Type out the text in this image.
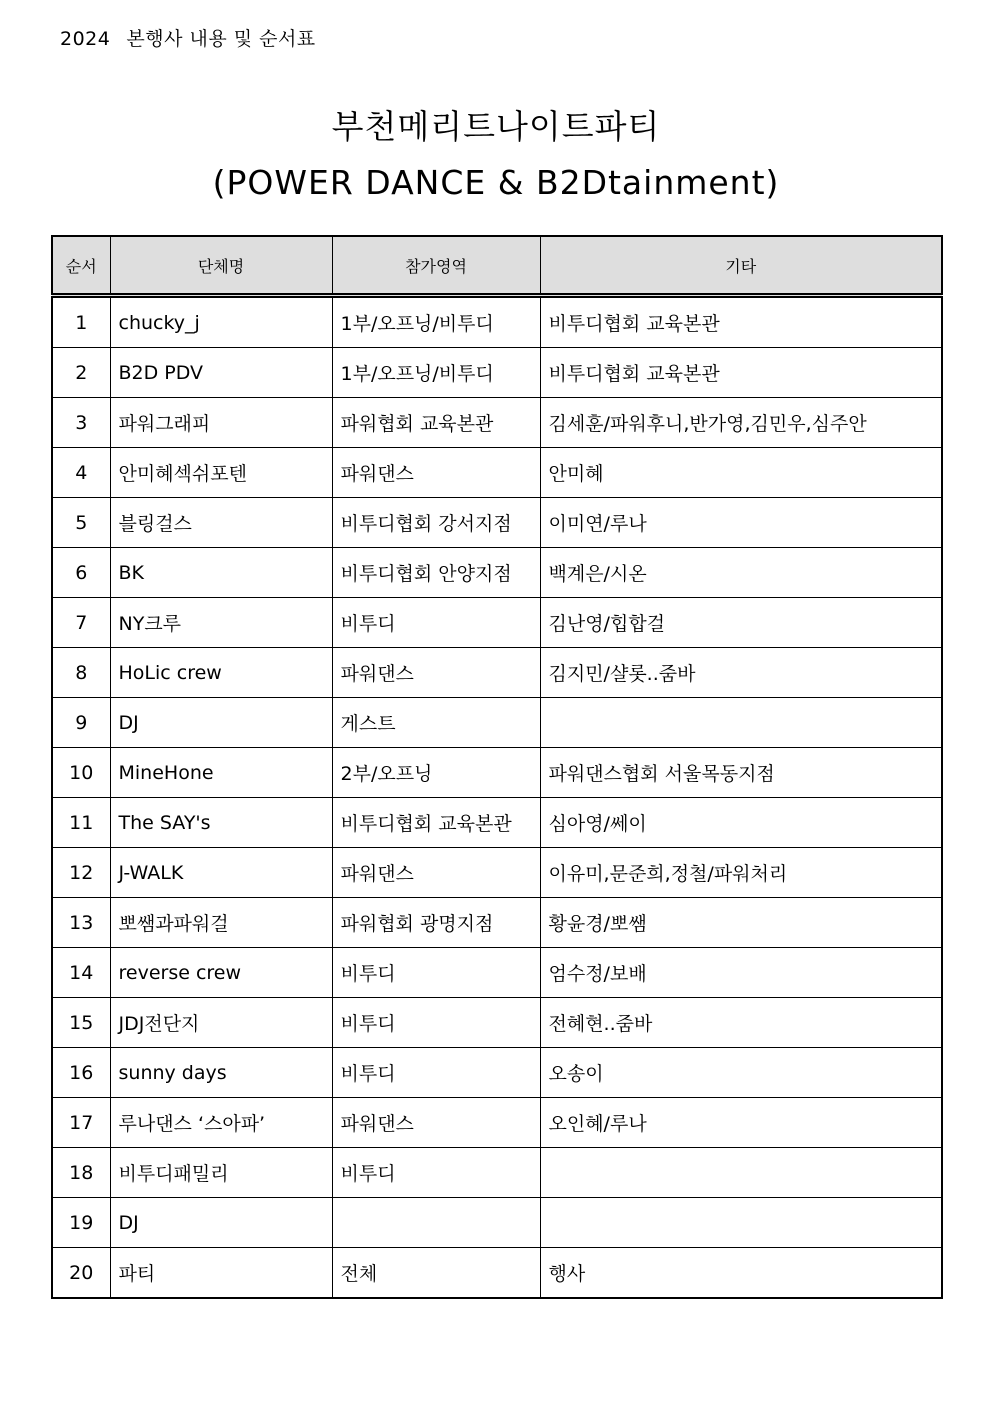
2024 본행사 내용 및 순서표
부천메리트나이트파티
(POWER DANCE & B2Dtainment)
순서	단체명	참가영역	기타
1	chucky_j	1부/오프닝/비투디	비투디협회 교육본관
2	B2D PDV	1부/오프닝/비투디	비투디협회 교육본관
3	파워그래피	파워협회 교육본관	김세훈/파워후니,반가영,김민우,심주안
4	안미혜섹쉬포텐	파워댄스	안미혜
5	블링걸스	비투디협회 강서지점	이미연/루나
6	BK	비투디협회 안양지점	백계은/시온
7	NY크루	비투디	김난영/힙합걸
8	HoLic crew	파워댄스	김지민/샬롯..줌바
9	DJ	게스트	
10	MineHone	2부/오프닝	파워댄스협회 서울목동지점
11	The SAY's	비투디협회 교육본관	심아영/쎄이
12	J-WALK	파워댄스	이유미,문준희,정철/파워처리
13	뽀쌤과파워걸	파워협회 광명지점	황윤경/뽀쌤
14	reverse crew	비투디	엄수정/보배
15	JDJ전단지	비투디	전혜현..줌바
16	sunny days	비투디	오송이
17	루나댄스 ‘스아파’	파워댄스	오인혜/루나
18	비투디패밀리	비투디	
19	DJ		
20	파티	전체	행사
